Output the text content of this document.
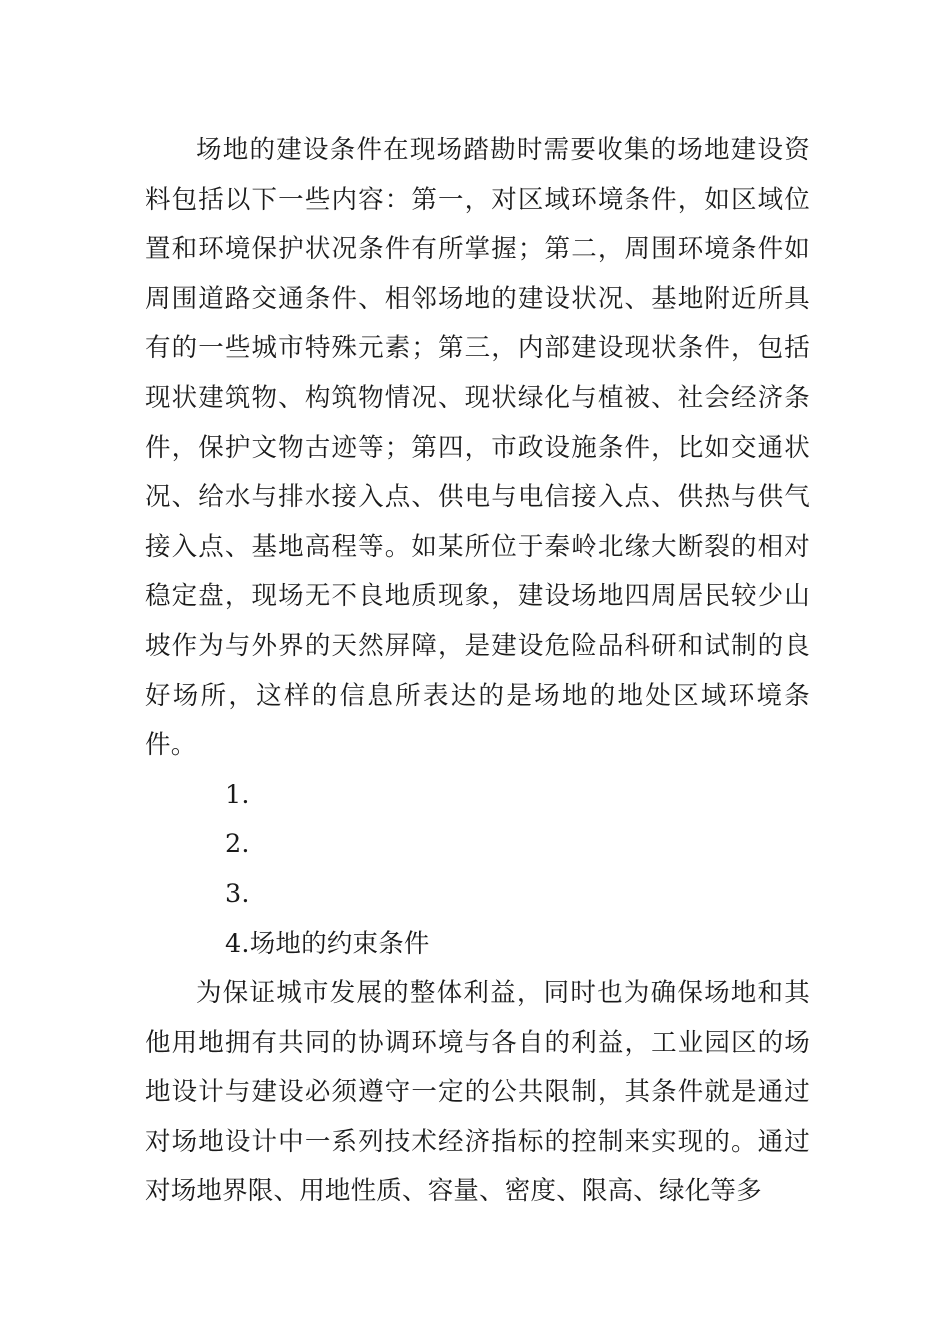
场地的建设条件在现场踏勘时需要收集的场地建设资料包括以下一些内容：第一，对区域环境条件，如区域位置和环境保护状况条件有所掌握；第二，周围环境条件如周围道路交通条件、相邻场地的建设状况、基地附近所具有的一些城市特殊元素；第三，内部建设现状条件，包括现状建筑物、构筑物情况、现状绿化与植被、社会经济条件，保护文物古迹等；第四，市政设施条件，比如交通状况、给水与排水接入点、供电与电信接入点、供热与供气接入点、基地高程等。如某所位于秦岭北缘大断裂的相对稳定盘，现场无不良地质现象，建设场地四周居民较少山坡作为与外界的天然屏障，是建设危险品科研和试制的良好场所，这样的信息所表达的是场地的地处区域环境条件。

1.

2.

3.

4.场地的约束条件

为保证城市发展的整体利益，同时也为确保场地和其他用地拥有共同的协调环境与各自的利益，工业园区的场地设计与建设必须遵守一定的公共限制，其条件就是通过对场地设计中一系列技术经济指标的控制来实现的。通过对场地界限、用地性质、容量、密度、限高、绿化等多
